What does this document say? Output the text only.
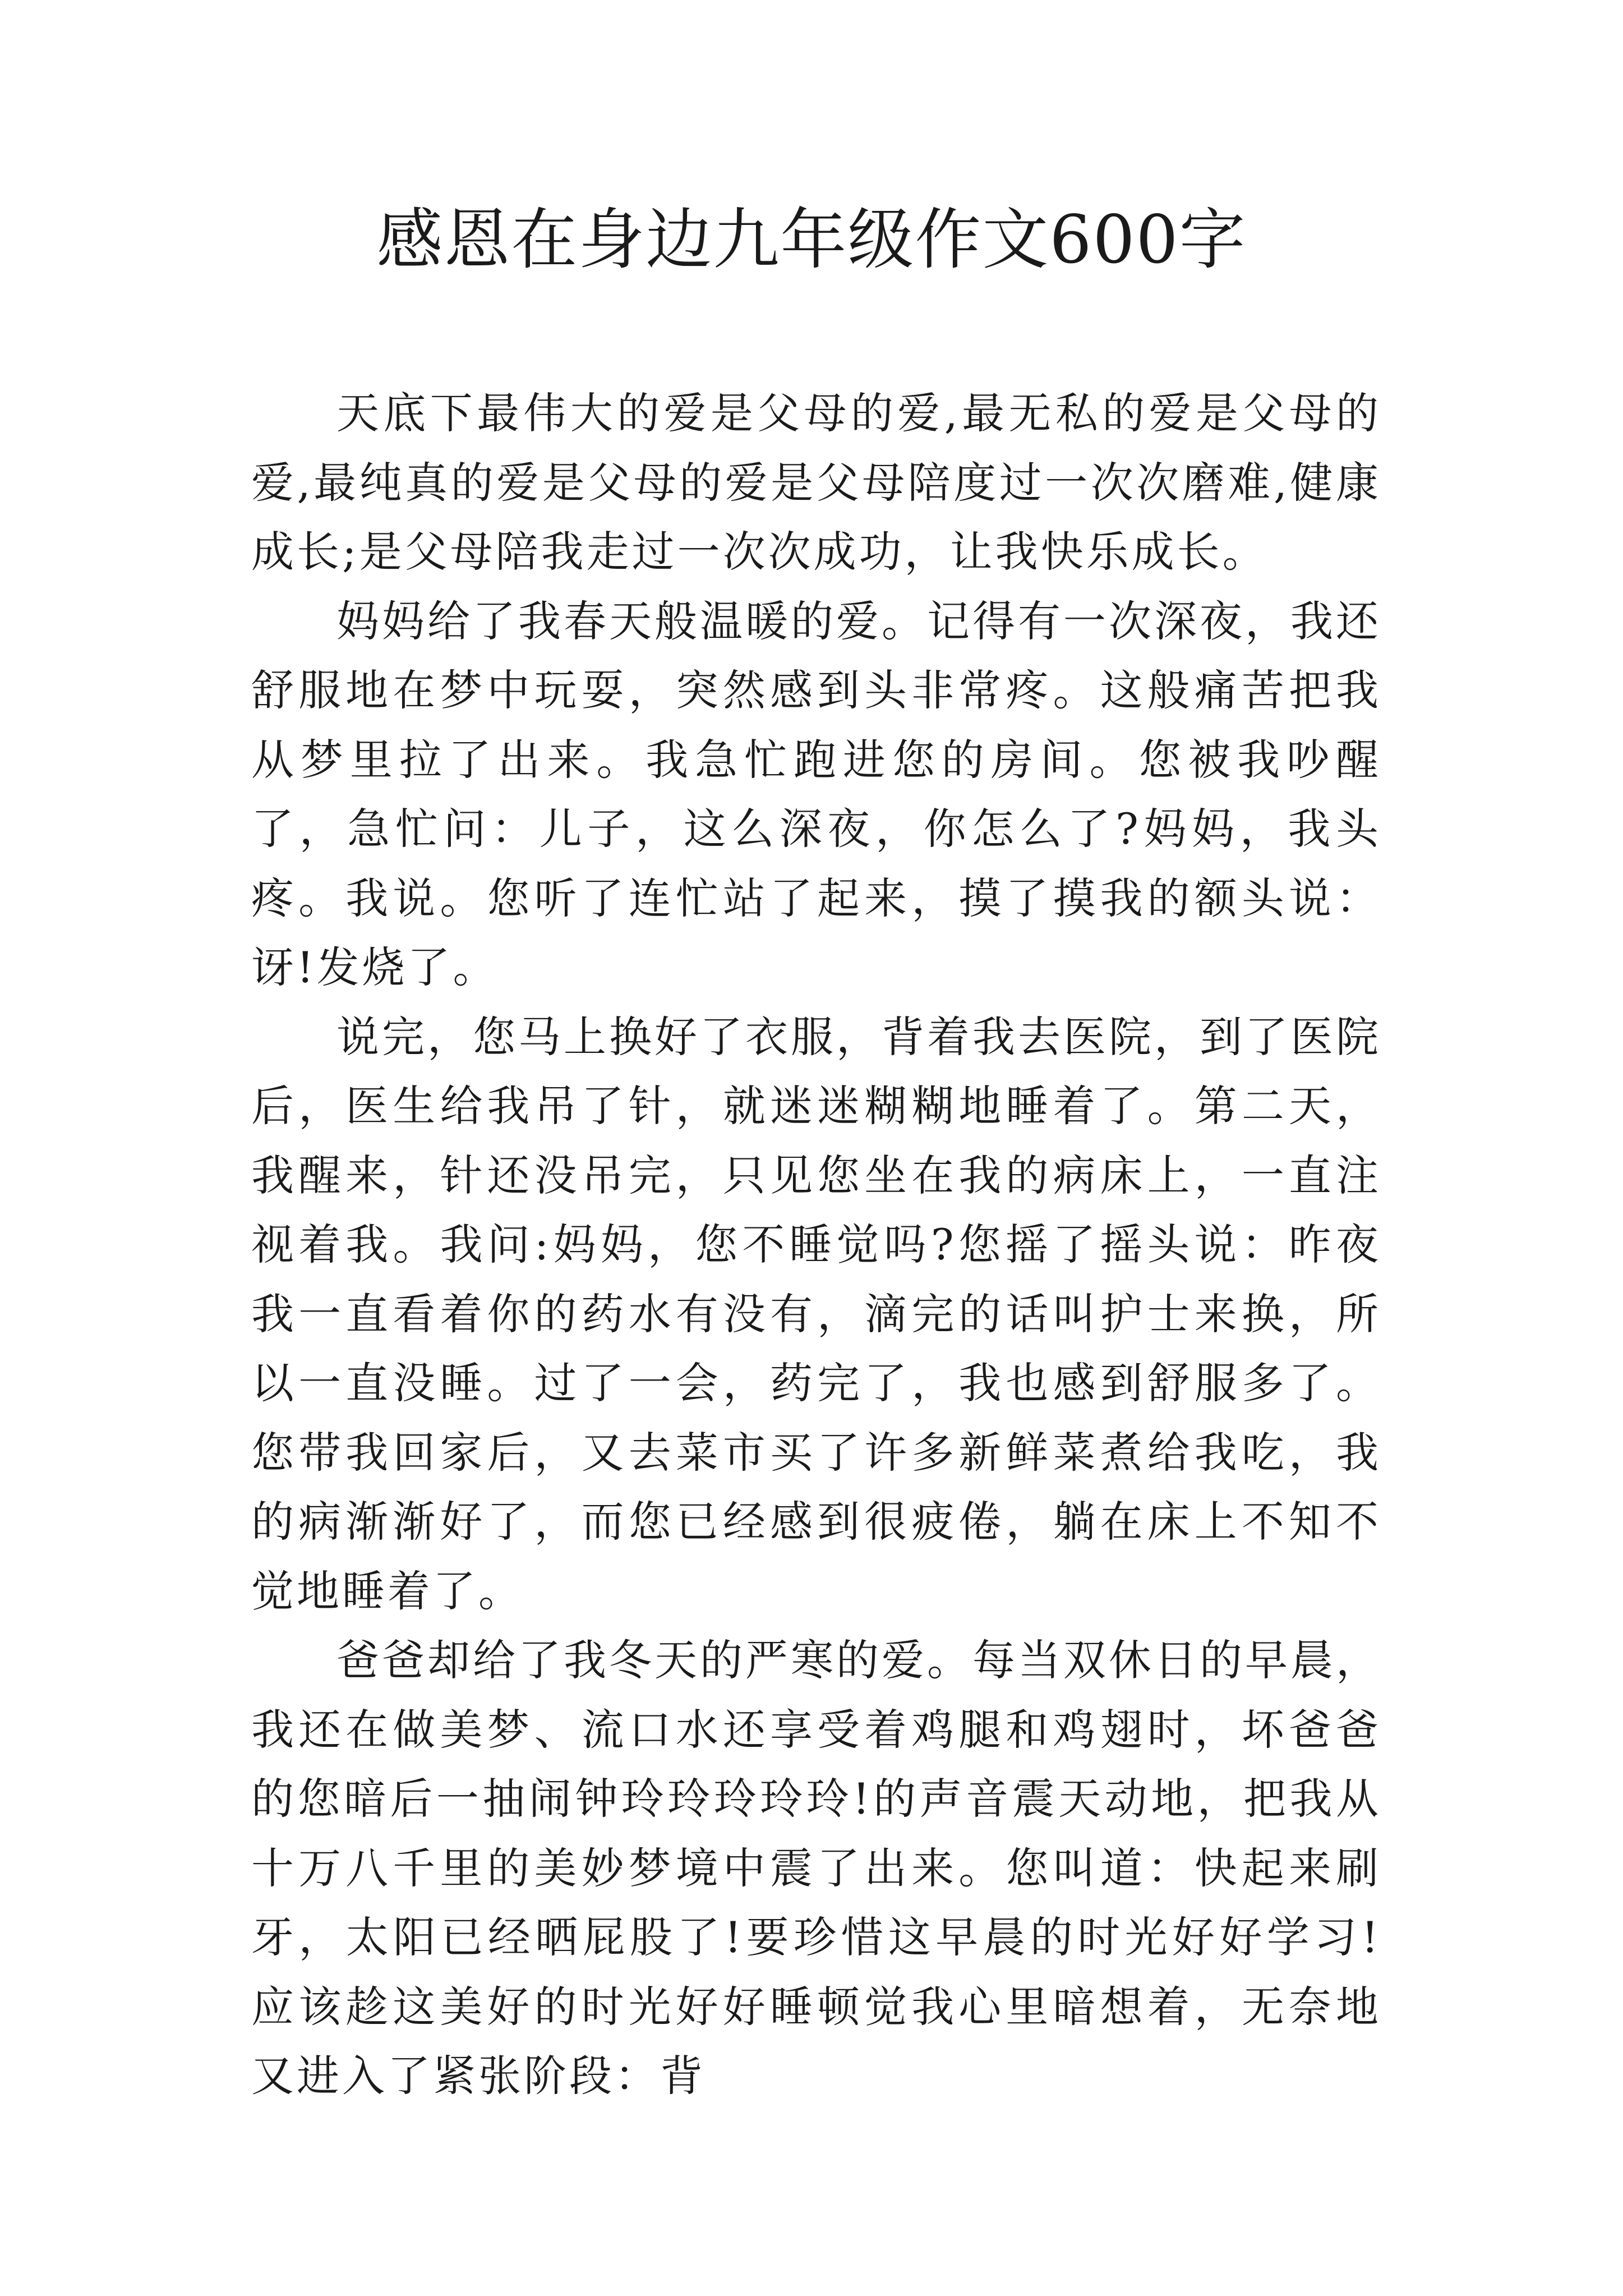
感恩在身边九年级作文600字

天底下最伟大的爱是父母的爱,最无私的爱是父母的爱,最纯真的爱是父母的爱是父母陪度过一次次磨难,健康成长;是父母陪我走过一次次成功，让我快乐成长。

妈妈给了我春天般温暖的爱。记得有一次深夜，我还舒服地在梦中玩耍，突然感到头非常疼。这般痛苦把我从梦里拉了出来。我急忙跑进您的房间。您被我吵醒了，急忙问：儿子，这么深夜，你怎么了?妈妈，我头疼。我说。您听了连忙站了起来，摸了摸我的额头说：讶!发烧了。

说完，您马上换好了衣服，背着我去医院，到了医院后，医生给我吊了针，就迷迷糊糊地睡着了。第二天，我醒来，针还没吊完，只见您坐在我的病床上，一直注视着我。我问:妈妈，您不睡觉吗?您摇了摇头说：昨夜我一直看着你的药水有没有，滴完的话叫护士来换，所以一直没睡。过了一会，药完了，我也感到舒服多了。您带我回家后，又去菜市买了许多新鲜菜煮给我吃，我的病渐渐好了，而您已经感到很疲倦，躺在床上不知不觉地睡着了。

爸爸却给了我冬天的严寒的爱。每当双休日的早晨，我还在做美梦、流口水还享受着鸡腿和鸡翅时，坏爸爸的您暗后一抽闹钟玲玲玲玲玲!的声音震天动地，把我从十万八千里的美妙梦境中震了出来。您叫道：快起来刷牙，太阳已经晒屁股了!要珍惜这早晨的时光好好学习!应该趁这美好的时光好好睡顿觉我心里暗想着，无奈地又进入了紧张阶段：背
